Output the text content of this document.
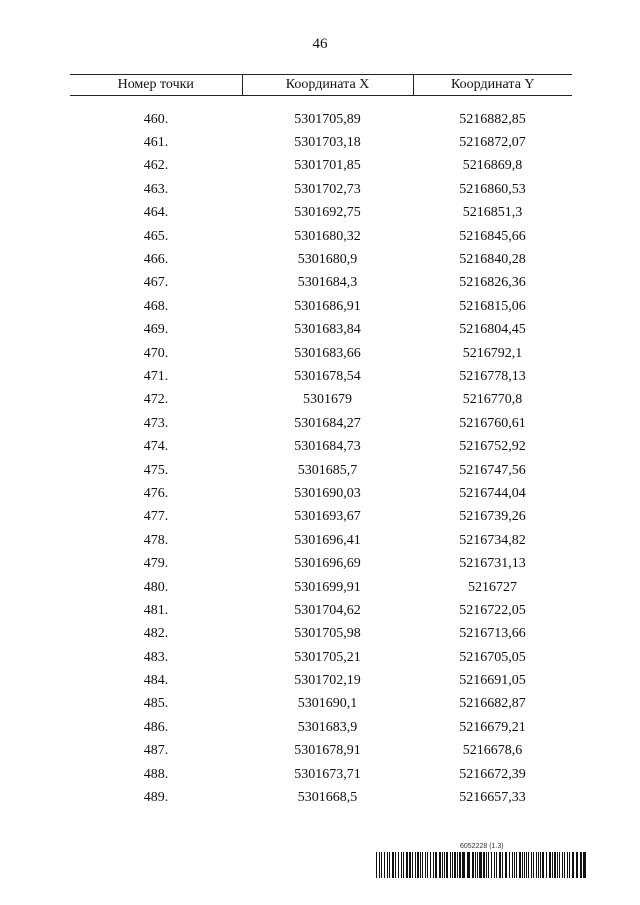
46
Номер точки	Координата X	Координата Y

460.	5301705,89	5216882,85
461.	5301703,18	5216872,07
462.	5301701,85	5216869,8
463.	5301702,73	5216860,53
464.	5301692,75	5216851,3
465.	5301680,32	5216845,66
466.	5301680,9	5216840,28
467.	5301684,3	5216826,36
468.	5301686,91	5216815,06
469.	5301683,84	5216804,45
470.	5301683,66	5216792,1
471.	5301678,54	5216778,13
472.	5301679	5216770,8
473.	5301684,27	5216760,61
474.	5301684,73	5216752,92
475.	5301685,7	5216747,56
476.	5301690,03	5216744,04
477.	5301693,67	5216739,26
478.	5301696,41	5216734,82
479.	5301696,69	5216731,13
480.	5301699,91	5216727
481.	5301704,62	5216722,05
482.	5301705,98	5216713,66
483.	5301705,21	5216705,05
484.	5301702,19	5216691,05
485.	5301690,1	5216682,87
486.	5301683,9	5216679,21
487.	5301678,91	5216678,6
488.	5301673,71	5216672,39
489.	5301668,5	5216657,33
6052228 (1.3)
